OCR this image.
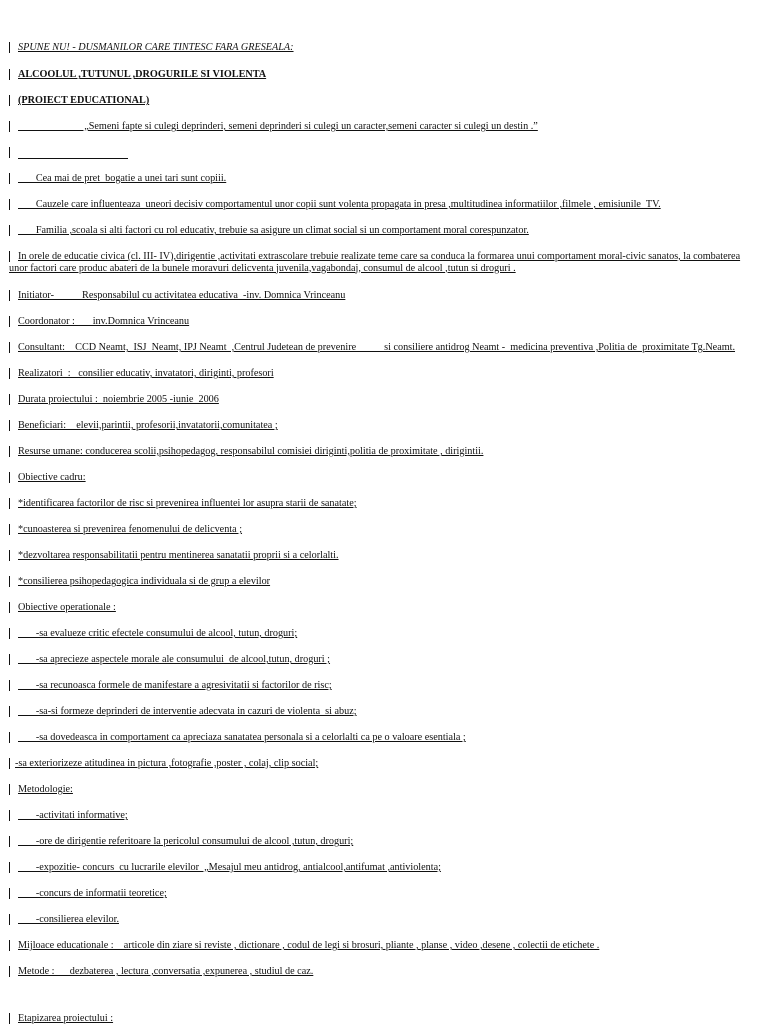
SPUNE NU! - DUSMANILOR CARE TINTESC FARA GRESEALA:
ALCOOLUL ,TUTUNUL ,DROGURILE SI VIOLENTA
(PROIECT EDUCATIONAL)
„Semeni fapte si culegi deprinderi, semeni deprinderi si culegi un caracter,semeni caracter si culegi un destin .”
Cea mai de pret  bogatie a unei tari sunt copiii.
Cauzele care influenteaza  uneori decisiv comportamentul unor copii sunt volenta propagata in presa ,multitudinea informatiilor ,filmele , emisiunile  TV.
Familia ,scoala si alti factori cu rol educativ, trebuie sa asigure un climat social si un comportament moral corespunzator.
In orele de educatie civica (cl. III- IV),dirigentie ,activitati extrascolare trebuie realizate teme care sa conduca la formarea unui comportament moral-civic sanatos, la combaterea unor factori care produc abateri de la bunele moravuri delicventa juvenila,vagabondaj, consumul de alcool ,tutun si droguri .
Initiator-           Responsabilul cu activitatea educativa  -inv. Domnica Vrinceanu
Coordonator :       inv.Domnica Vrinceanu
Consultant:    CCD Neamt,  ISJ  Neamt, IPJ Neamt  ,Centrul Judetean de prevenire           si consiliere antidrog Neamt -  medicina preventiva ,Politia de  proximitate Tg.Neamt.
Realizatori  :   consilier educativ, invatatori, diriginti, profesori
Durata proiectului :  noiembrie 2005 -iunie  2006
Beneficiari:    elevii,parintii, profesorii,invatatorii,comunitatea ;
Resurse umane: conducerea scolii,psihopedagog, responsabilul comisiei diriginti,politia de proximitate , dirigintii.
Obiective cadru:
*identificarea factorilor de risc si prevenirea influentei lor asupra starii de sanatate;
*cunoasterea si prevenirea fenomenului de delicventa ;
*dezvoltarea responsabilitatii pentru mentinerea sanatatii proprii si a celorlalti.
*consilierea psihopedagogica individuala si de grup a elevilor
Obiective operationale :
-sa evalueze critic efectele consumului de alcool, tutun, droguri;
-sa aprecieze aspectele morale ale consumului  de alcool,tutun, droguri ;
-sa recunoasca formele de manifestare a agresivitatii si factorilor de risc;
-sa-si formeze deprinderi de interventie adecvata in cazuri de violenta  si abuz;
-sa dovedeasca in comportament ca apreciaza sanatatea personala si a celorlalti ca pe o valoare esentiala ;
-sa exteriorizeze atitudinea in pictura ,fotografie ,poster , colaj, clip social;
Metodologie:
-activitati informative;
-ore de dirigentie referitoare la pericolul consumului de alcool ,tutun, droguri;
-expozitie- concurs  cu lucrarile elevilor  „Mesajul meu antidrog, antialcool,antifumat ,antiviolenta;
-concurs de informatii teoretice;
-consilierea elevilor.
Mijloace educationale :    articole din ziare si reviste , dictionare , codul de legi si brosuri, pliante , planse , video ,desene , colectii de etichete .
Metode :      dezbaterea , lectura ,conversatia ,expunerea , studiul de caz.
Etapizarea proiectului :
